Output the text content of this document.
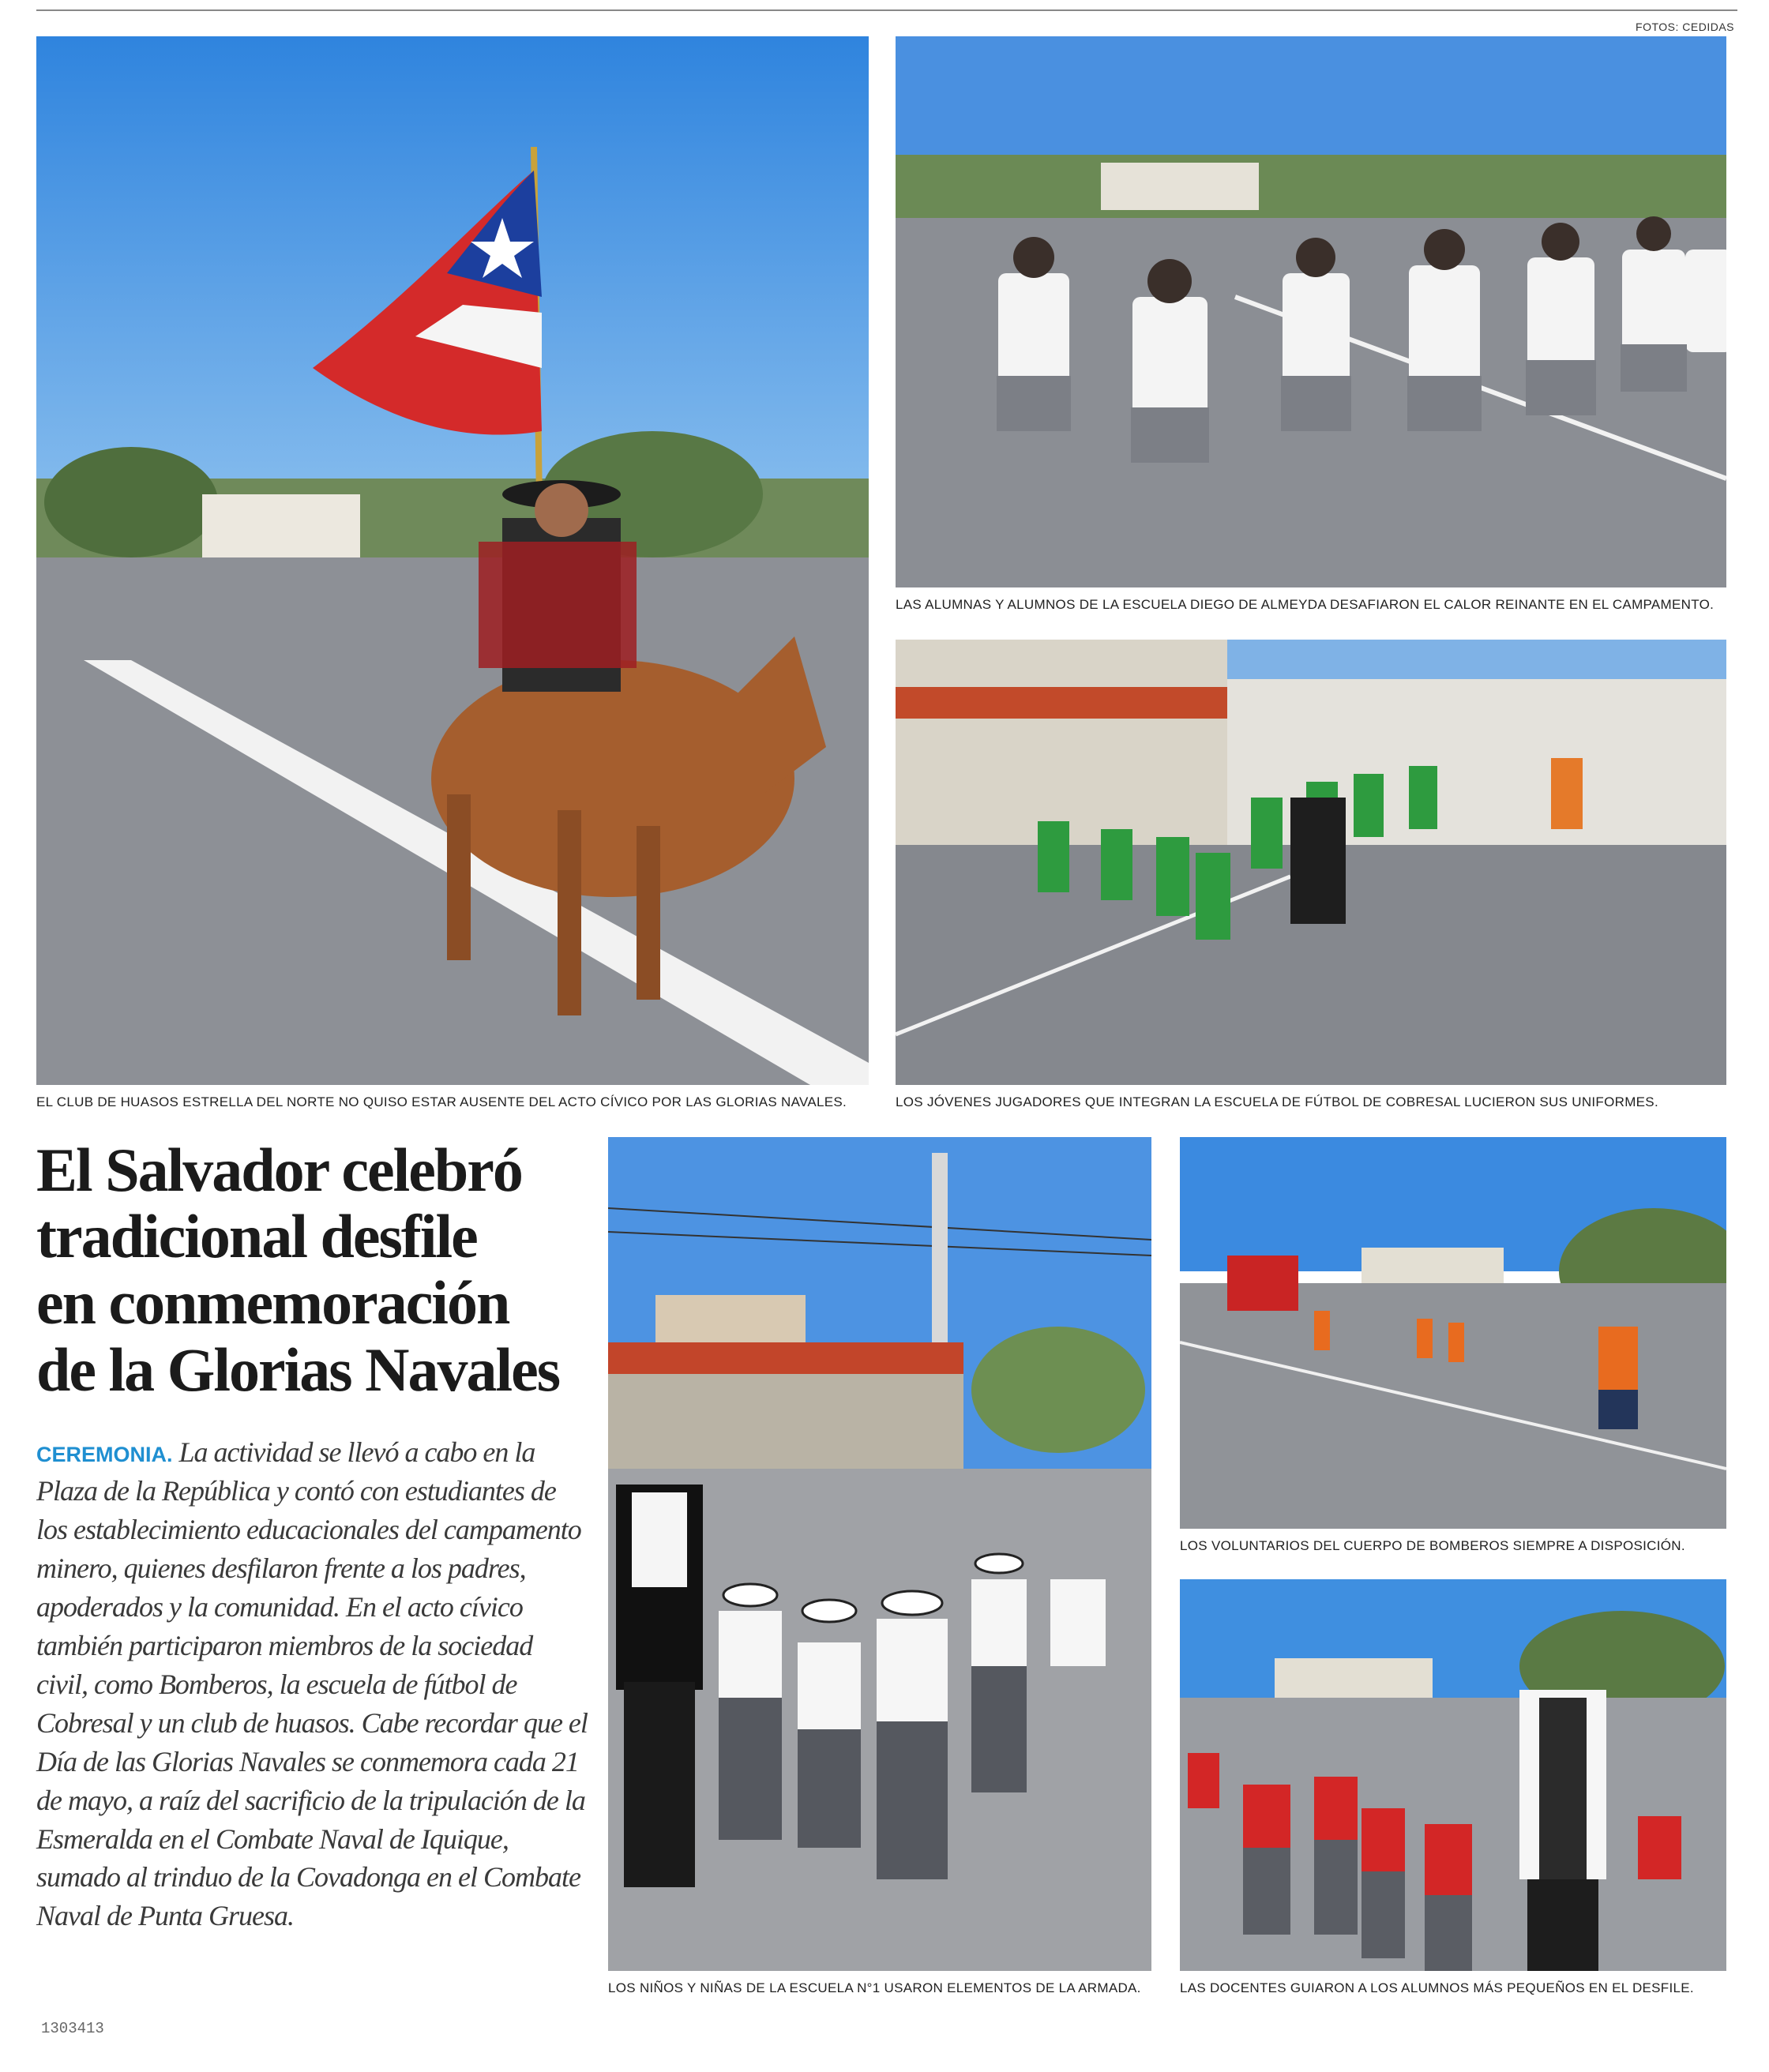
FOTOS: CEDIDAS
EL CLUB DE HUASOS ESTRELLA DEL NORTE NO QUISO ESTAR AUSENTE DEL ACTO CÍVICO POR LAS GLORIAS NAVALES.
LAS ALUMNAS Y ALUMNOS DE LA ESCUELA DIEGO DE ALMEYDA DESAFIARON EL CALOR REINANTE EN EL CAMPAMENTO.
LOS JÓVENES JUGADORES QUE INTEGRAN LA ESCUELA DE FÚTBOL DE COBRESAL LUCIERON SUS UNIFORMES.
El Salvador celebró
tradicional desfile
en conmemoración
de la Glorias Navales

CEREMONIA. La actividad se llevó a cabo en la Plaza de la República y contó con estudiantes de los establecimiento educacionales del campamento minero, quienes desfilaron frente a los padres, apoderados y la comunidad. En el acto cívico también participaron miembros de la sociedad civil, como Bomberos, la escuela de fútbol de Cobresal y un club de huasos. Cabe recordar que el Día de las Glorias Navales se conmemora cada 21 de mayo, a raíz del sacrificio de la tripulación de la Esmeralda en el Combate Naval de Iquique, sumado al trinduo de la Covadonga en el Combate Naval de Punta Gruesa.

LOS NIÑOS Y NIÑAS DE LA ESCUELA N°1 USARON ELEMENTOS DE LA ARMADA.
LOS VOLUNTARIOS DEL CUERPO DE BOMBEROS SIEMPRE A DISPOSICIÓN.
LAS DOCENTES GUIARON A LOS ALUMNOS MÁS PEQUEÑOS EN EL DESFILE.
1303413
